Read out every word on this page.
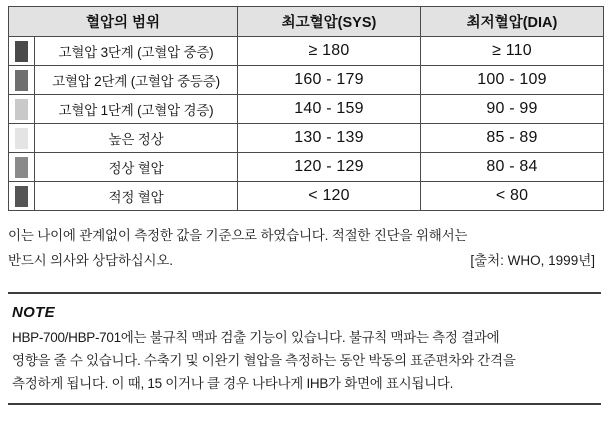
혈압의 범위		최고혈압(SYS)	최저혈압(DIA)

	고혈압 3단계 (고혈압 중증)	≥ 180	≥ 110

	고혈압 2단계 (고혈압 중등증)	160 - 179	100 - 109

	고혈압 1단계 (고혈압 경증)	140 - 159	90 - 99

	높은 정상	130 - 139	85 - 89

	정상 혈압	120 - 129	80 - 84

	적정 혈압	< 120	< 80
이는 나이에 관계없이 측정한 값을 기준으로 하였습니다. 적절한 진단을 위해서는
반드시 의사와 상담하십시오.	[출처: WHO, 1999년]
NOTE
HBP-700/HBP-701에는 불규칙 맥파 검출 기능이 있습니다. 불규칙 맥파는 측정 결과에
영향을 줄 수 있습니다. 수축기 및 이완기 혈압을 측정하는 동안 박동의 표준편차와 간격을
측정하게 됩니다. 이 때, 15 이거나 클 경우 나타나게 IHB가 화면에 표시됩니다.
